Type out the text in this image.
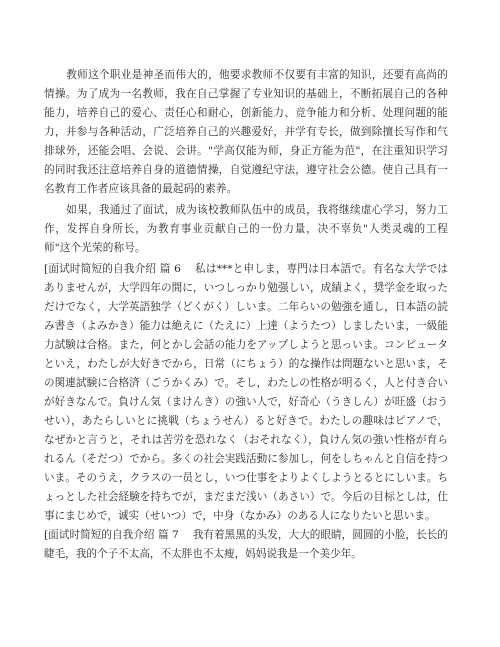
教师这个职业是神圣而伟大的，他要求教师不仅要有丰富的知识，还要有高尚的情操。为了成为一名教师，我在自己掌握了专业知识的基础上，不断拓展自己的各种能力，培养自己的爱心、责任心和耐心，创新能力、竞争能力和分析、处理问题的能力，并参与各种活动，广泛培养自己的兴趣爱好，并学有专长，做到除擅长写作和气排球外，还能会唱、会说、会讲。"学高仅能为师，身正方能为范"，在注重知识学习的同时我还注意培养自身的道德情操，自觉遵纪守法，遵守社会公德。使自己具有一名教育工作者应该具备的最起码的素养。

如果，我通过了面试，成为该校教师队伍中的成员，我将继续虚心学习，努力工作，发挥自身所长，为教育事业贡献自己的一份力量，决不辜负"人类灵魂的工程师"这个光荣的称号。

[面试时简短的自我介绍 篇 6 私は***と申しま，専門は日本語で。有名な大学ではありませんが，大学四年の間に，いつしっかり勉强しい，成績よく，奨学金を取っただけでなく，大学英語独学（どくがく）しいま。二年らいの勉強を通し，日本語の読み書き（よみかき）能力は絶えに（たえに）上達（ようたつ）しましたいま，一級能力試験は合格。また，何とかし会話の能力をアップしようと思っいま。コンピュータといえ，わたしが大好きでから，日常（にちょう）的な操作は問題ないと思いま，その関連試験に合格済（ごうかくみ）で。そし，わたしの性格が明るく，人と付き合いが好きなんで。負けん気（まけんき）の強い人で，好奇心（うきしん）が旺盛（おうせい），あたらしいとに挑戦（ちょうせん）ると好きで。わたしの趣味はピアノで，なぜかと言うと，それは苦労を恐れなく（おそれなく），負けん気の強い性格が育られるん（そだつ）でから。多くの社会実践活動に参加し，何をしちゃんと自信を持ついま。そのうえ，クラスの一员とし，いつ仕事をよりよくしようとるとにしいま。ちょっとした社会経験を持ちでが，まだまだ浅い（あさい）で。今后の目标としは，仕事にまじめで，诚实（せいつ）で，中身（なかみ）のある人になりたいと思いま。

[面试时简短的自我介绍 篇 7 我有着黑黑的头发，大大的眼睛，圆圆的小脸，长长的睫毛，我的个子不太高，不太胖也不太瘦，妈妈说我是一个美少年。
